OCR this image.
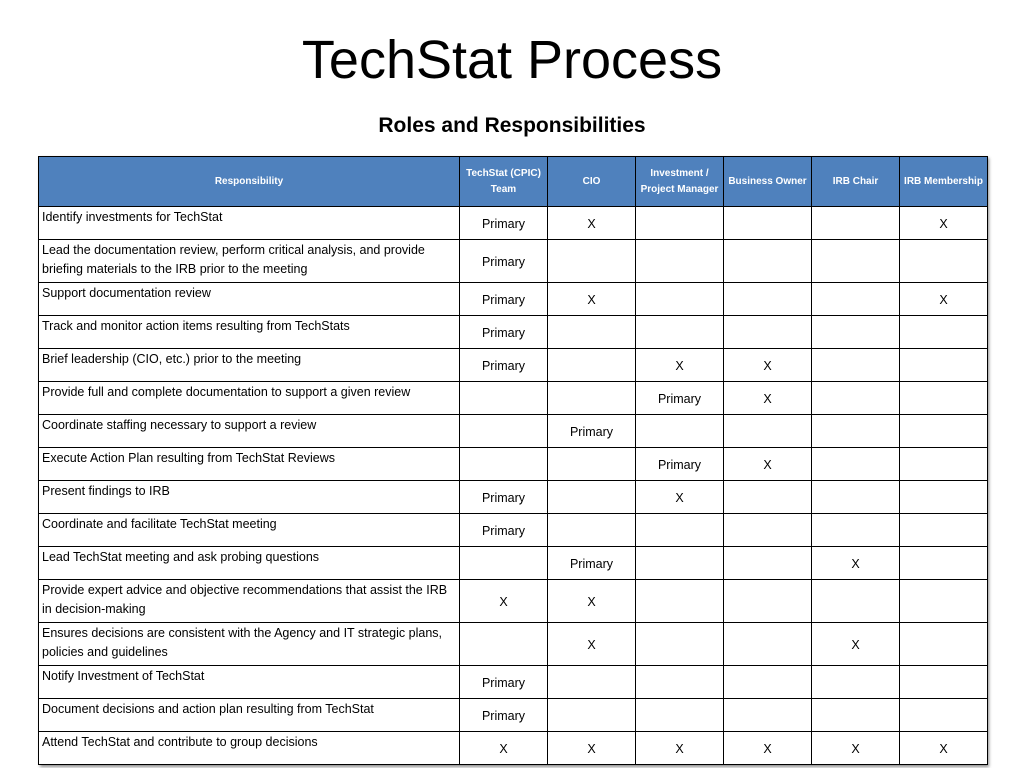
TechStat Process
Roles and Responsibilities
Responsibility	TechStat (CPIC) Team	CIO	Investment / Project Manager	Business Owner	IRB Chair	IRB Membership
Identify investments for TechStat	Primary	X				X
Lead the documentation review, perform critical analysis, and provide briefing materials to the IRB prior to the meeting	Primary					
Support documentation review	Primary	X				X
Track and monitor action items resulting from TechStats	Primary					
Brief leadership (CIO, etc.) prior to the meeting	Primary		X	X		
Provide full and complete documentation to support a given review			Primary	X		
Coordinate staffing necessary to support a review		Primary				
Execute Action Plan resulting from TechStat Reviews			Primary	X		
Present findings to IRB	Primary		X			
Coordinate and facilitate TechStat meeting	Primary					
Lead TechStat meeting and ask probing questions		Primary			X	
Provide expert advice and objective recommendations that assist the IRB in decision-making	X	X				
Ensures decisions are consistent with the Agency and IT strategic plans, policies and guidelines		X			X	
Notify Investment of TechStat	Primary					
Document decisions and action plan resulting from TechStat	Primary					
Attend TechStat and contribute to group decisions	X	X	X	X	X	X
